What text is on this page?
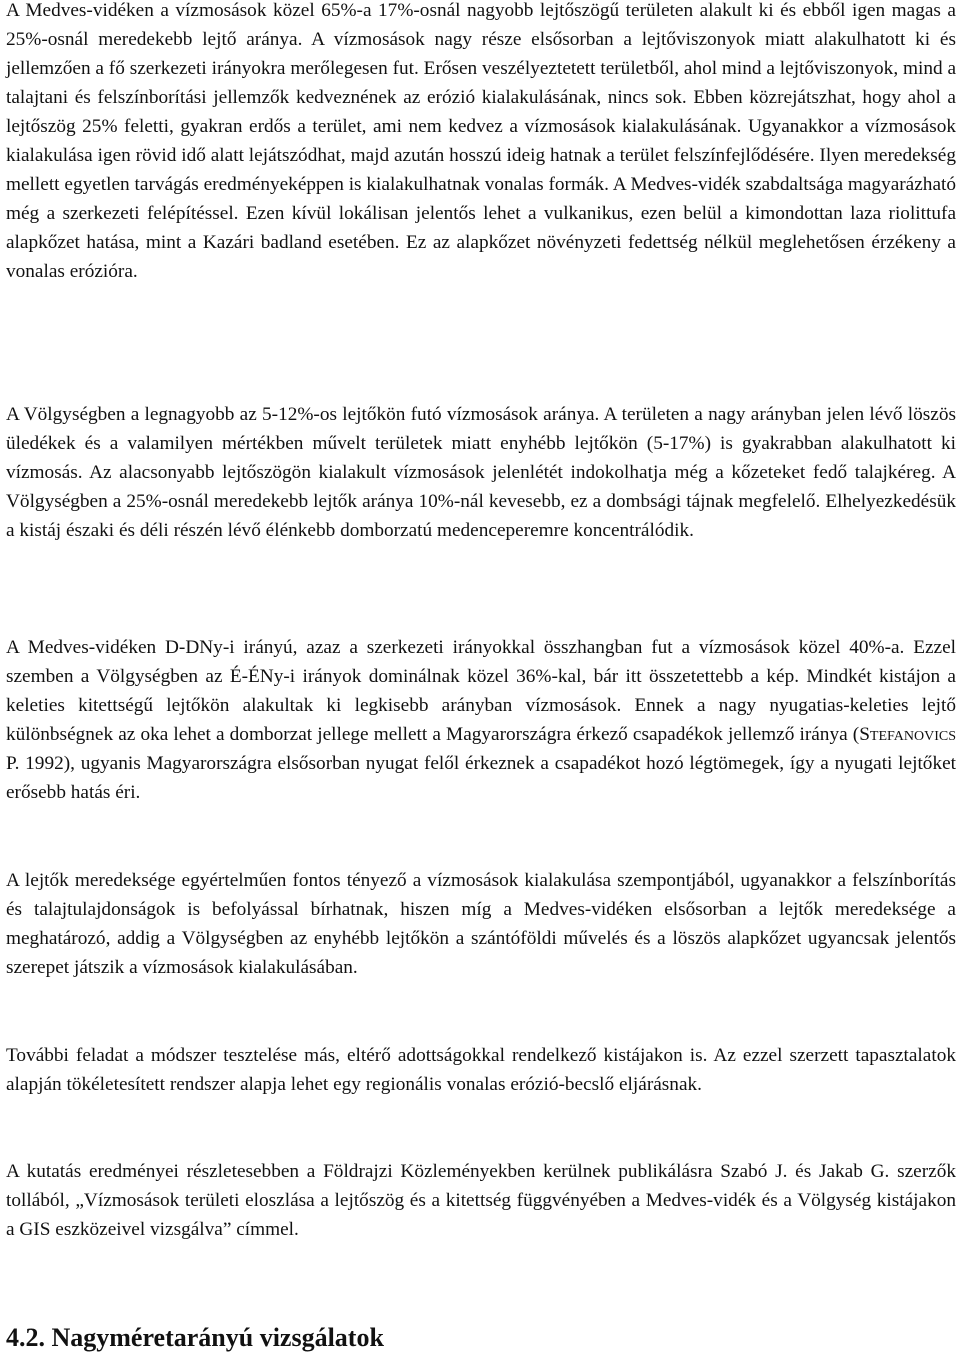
A Medves-vidéken a vízmosások közel 65%-a 17%-osnál nagyobb lejtőszögű területen alakult ki és ebből igen magas a 25%-osnál meredekebb lejtő aránya. A vízmosások nagy része elsősorban a lejtőviszonyok miatt alakulhatott ki és jellemzően a fő szerkezeti irányokra merőlegesen fut. Erősen veszélyeztetett területből, ahol mind a lejtőviszonyok, mind a talajtani és felszínborítási jellemzők kedveznének az erózió kialakulásának, nincs sok. Ebben közrejátszhat, hogy ahol a lejtőszög 25% feletti, gyakran erdős a terület, ami nem kedvez a vízmosások kialakulásának. Ugyanakkor a vízmosások kialakulása igen rövid idő alatt lejátszódhat, majd azután hosszú ideig hatnak a terület felszínfejlődésére. Ilyen meredekség mellett egyetlen tarvágás eredményeképpen is kialakulhatnak vonalas formák. A Medves-vidék szabdaltsága magyarázható még a szerkezeti felépítéssel. Ezen kívül lokálisan jelentős lehet a vulkanikus, ezen belül a kimondottan laza riolittufa alapkőzet hatása, mint a Kazári badland esetében. Ez az alapkőzet növényzeti fedettség nélkül meglehetősen érzékeny a vonalas erózióra.

A Völgységben a legnagyobb az 5-12%-os lejtőkön futó vízmosások aránya. A területen a nagy arányban jelen lévő löszös üledékek és a valamilyen mértékben művelt területek miatt enyhébb lejtőkön (5-17%) is gyakrabban alakulhatott ki vízmosás. Az alacsonyabb lejtőszögön kialakult vízmosások jelenlétét indokolhatja még a kőzeteket fedő talajkéreg. A Völgységben a 25%-osnál meredekebb lejtők aránya 10%-nál kevesebb, ez a dombsági tájnak megfelelő. Elhelyezkedésük a kistáj északi és déli részén lévő élénkebb domborzatú medenceperemre koncentrálódik.

A Medves-vidéken D-DNy-i irányú, azaz a szerkezeti irányokkal összhangban fut a vízmosások közel 40%-a. Ezzel szemben a Völgységben az É-ÉNy-i irányok dominálnak közel 36%-kal, bár itt összetettebb a kép. Mindkét kistájon a keleties kitettségű lejtőkön alakultak ki legkisebb arányban vízmosások. Ennek a nagy nyugatias-keleties lejtő különbségnek az oka lehet a domborzat jellege mellett a Magyarországra érkező csapadékok jellemző iránya (Stefanovics P. 1992), ugyanis Magyarországra elsősorban nyugat felől érkeznek a csapadékot hozó légtömegek, így a nyugati lejtőket erősebb hatás éri.

A lejtők meredeksége egyértelműen fontos tényező a vízmosások kialakulása szempontjából, ugyanakkor a felszínborítás és talajtulajdonságok is befolyással bírhatnak, hiszen míg a Medves-vidéken elsősorban a lejtők meredeksége a meghatározó, addig a Völgységben az enyhébb lejtőkön a szántóföldi művelés és a löszös alapkőzet ugyancsak jelentős szerepet játszik a vízmosások kialakulásában.

További feladat a módszer tesztelése más, eltérő adottságokkal rendelkező kistájakon is. Az ezzel szerzett tapasztalatok alapján tökéletesített rendszer alapja lehet egy regionális vonalas erózió-becslő eljárásnak.

A kutatás eredményei részletesebben a Földrajzi Közleményekben kerülnek publikálásra Szabó J. és Jakab G. szerzők tollából, „Vízmosások területi eloszlása a lejtőszög és a kitettség függvényében a Medves-vidék és a Völgység kistájakon a GIS eszközeivel vizsgálva” címmel.

4.2. Nagyméretarányú vizsgálatok
